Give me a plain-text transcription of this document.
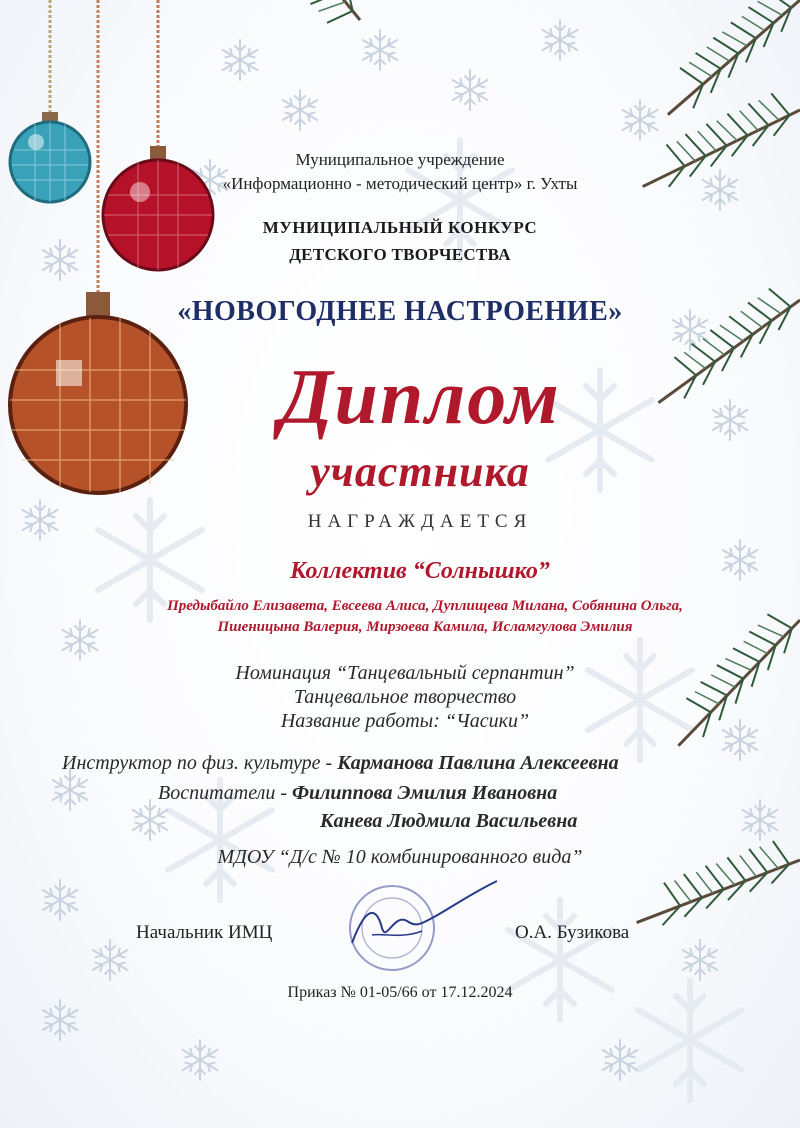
Муниципальное учреждение
«Информационно - методический центр» г. Ухты
МУНИЦИПАЛЬНЫЙ КОНКУРС
ДЕТСКОГО ТВОРЧЕСТВА
«НОВОГОДНЕЕ НАСТРОЕНИЕ»
Диплом
участника
НАГРАЖДАЕТСЯ
Коллектив “Солнышко”
Предыбайло Елизавета, Евсеева Алиса, Дуплищева Милана, Собянина Ольга,
Пшеницына Валерия, Мирзоева Камила, Исламгулова Эмилия
Номинация “Танцевальный серпантин”
Танцевальное творчество
Название работы: “Часики”
Инструктор по физ. культуре - Карманова Павлина Алексеевна
Воспитатели - Филиппова Эмилия Ивановна
Канева Людмила Васильевна
МДОУ “Д/с № 10 комбинированного вида”
Начальник ИМЦ	О.А. Бузикова
Приказ № 01-05/66 от 17.12.2024
